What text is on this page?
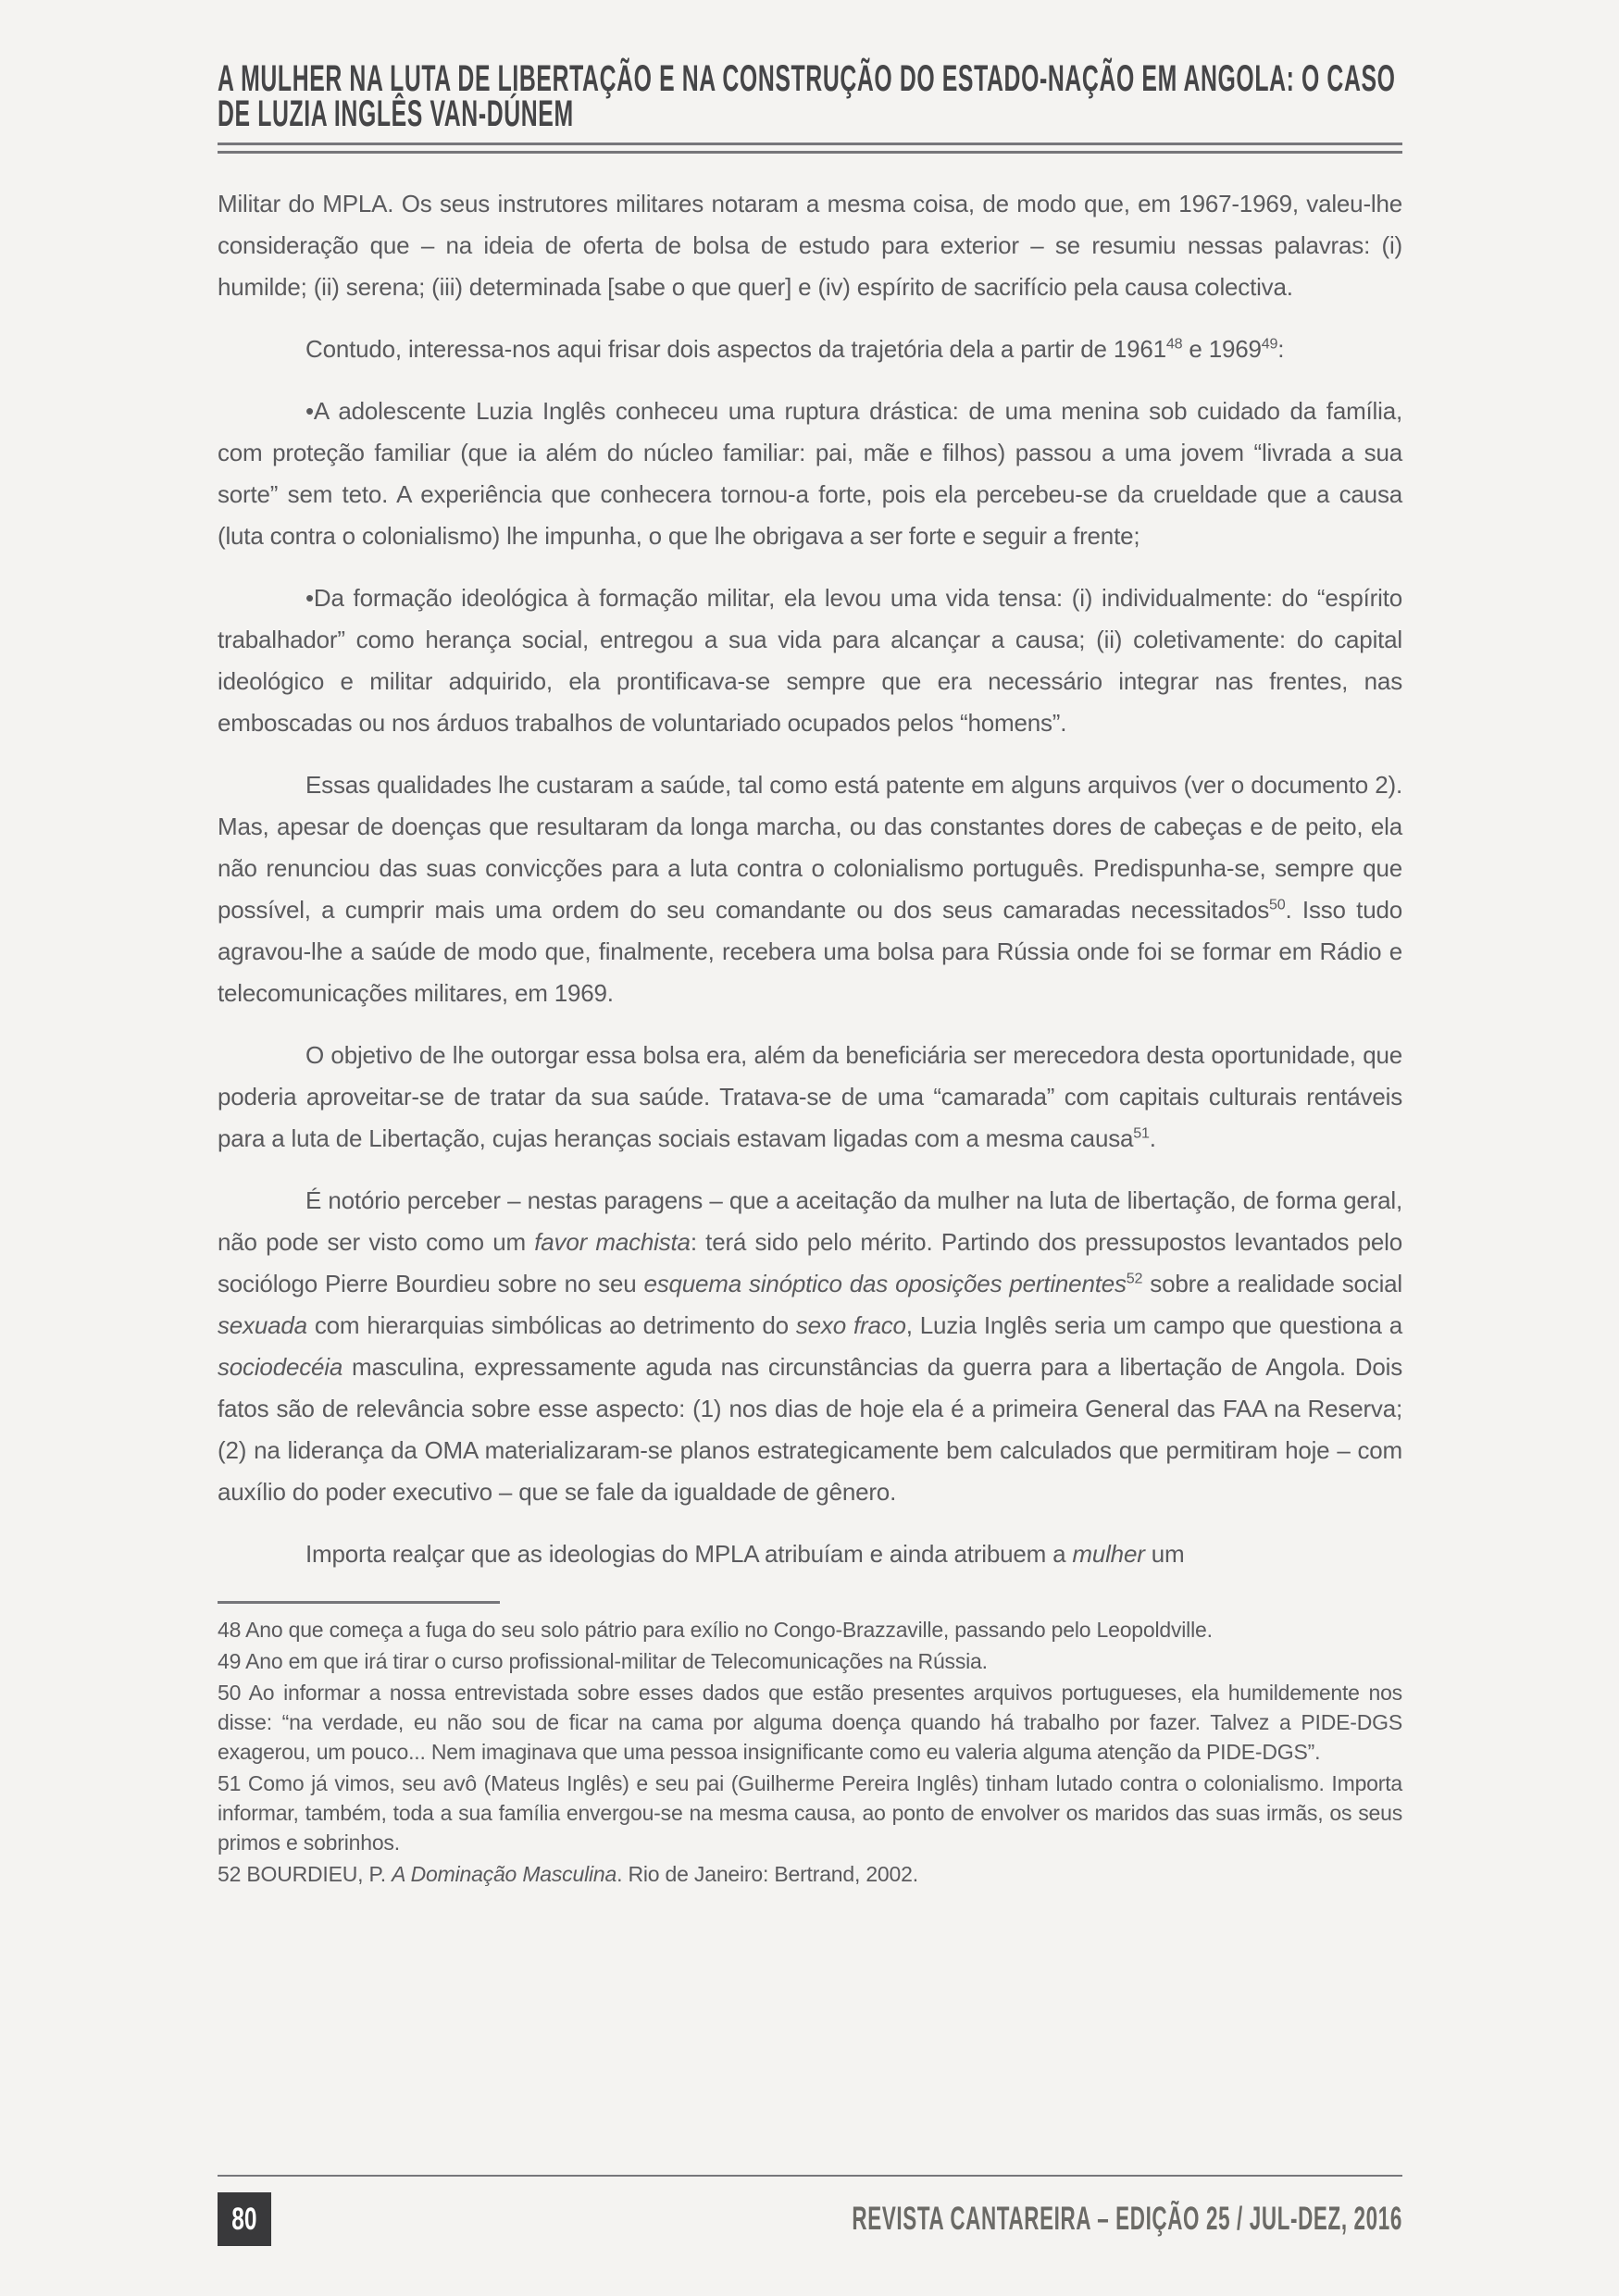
A MULHER NA LUTA DE LIBERTAÇÃO E NA CONSTRUÇÃO DO ESTADO-NAÇÃO EM ANGOLA: O CASO
DE LUZIA INGLÊS VAN-DÚNEM

Militar do MPLA. Os seus instrutores militares notaram a mesma coisa, de modo que, em 1967-1969, valeu-lhe consideração que – na ideia de oferta de bolsa de estudo para exterior – se resumiu nessas palavras: (i) humilde; (ii) serena; (iii) determinada [sabe o que quer] e (iv) espírito de sacrifício pela causa colectiva.

Contudo, interessa-nos aqui frisar dois aspectos da trajetória dela a partir de 1961$^{48}$ e 1969$^{49}$:

•A adolescente Luzia Inglês conheceu uma ruptura drástica: de uma menina sob cuidado da família, com proteção familiar (que ia além do núcleo familiar: pai, mãe e filhos) passou a uma jovem “livrada a sua sorte” sem teto. A experiência que conhecera tornou-a forte, pois ela percebeu-se da crueldade que a causa (luta contra o colonialismo) lhe impunha, o que lhe obrigava a ser forte e seguir a frente;

•Da formação ideológica à formação militar, ela levou uma vida tensa: (i) individualmente: do “espírito trabalhador” como herança social, entregou a sua vida para alcançar a causa; (ii) coletivamente: do capital ideológico e militar adquirido, ela prontificava-se sempre que era necessário integrar nas frentes, nas emboscadas ou nos árduos trabalhos de voluntariado ocupados pelos “homens”.

Essas qualidades lhe custaram a saúde, tal como está patente em alguns arquivos (ver o documento 2). Mas, apesar de doenças que resultaram da longa marcha, ou das constantes dores de cabeças e de peito, ela não renunciou das suas convicções para a luta contra o colonialismo português. Predispunha-se, sempre que possível, a cumprir mais uma ordem do seu comandante ou dos seus camaradas necessitados$^{50}$. Isso tudo agravou-lhe a saúde de modo que, finalmente, recebera uma bolsa para Rússia onde foi se formar em Rádio e telecomunicações militares, em 1969.

O objetivo de lhe outorgar essa bolsa era, além da beneficiária ser merecedora desta oportunidade, que poderia aproveitar-se de tratar da sua saúde. Tratava-se de uma “camarada” com capitais culturais rentáveis para a luta de Libertação, cujas heranças sociais estavam ligadas com a mesma causa$^{51}$.

É notório perceber – nestas paragens – que a aceitação da mulher na luta de libertação, de forma geral, não pode ser visto como um favor machista: terá sido pelo mérito. Partindo dos pressupostos levantados pelo sociólogo Pierre Bourdieu sobre no seu esquema sinóptico das oposições pertinentes$^{52}$ sobre a realidade social sexuada com hierarquias simbólicas ao detrimento do sexo fraco, Luzia Inglês seria um campo que questiona a sociodecéia masculina, expressamente aguda nas circunstâncias da guerra para a libertação de Angola. Dois fatos são de relevância sobre esse aspecto: (1) nos dias de hoje ela é a primeira General das FAA na Reserva; (2) na liderança da OMA materializaram-se planos estrategicamente bem calculados que permitiram hoje – com auxílio do poder executivo – que se fale da igualdade de gênero.

Importa realçar que as ideologias do MPLA atribuíam e ainda atribuem a mulher um

48 Ano que começa a fuga do seu solo pátrio para exílio no Congo-Brazzaville, passando pelo Leopoldville.

49 Ano em que irá tirar o curso profissional-militar de Telecomunicações na Rússia.

50 Ao informar a nossa entrevistada sobre esses dados que estão presentes arquivos portugueses, ela humildemente nos disse: “na verdade, eu não sou de ficar na cama por alguma doença quando há trabalho por fazer. Talvez a PIDE-DGS exagerou, um pouco... Nem imaginava que uma pessoa insignificante como eu valeria alguma atenção da PIDE-DGS”.

51 Como já vimos, seu avô (Mateus Inglês) e seu pai (Guilherme Pereira Inglês) tinham lutado contra o colonialismo. Importa informar, também, toda a sua família envergou-se na mesma causa, ao ponto de envolver os maridos das suas irmãs, os seus primos e sobrinhos.

52 BOURDIEU, P. A Dominação Masculina. Rio de Janeiro: Bertrand, 2002.

80	REVISTA CANTAREIRA – EDIÇÃO 25 / JUL-DEZ, 2016
